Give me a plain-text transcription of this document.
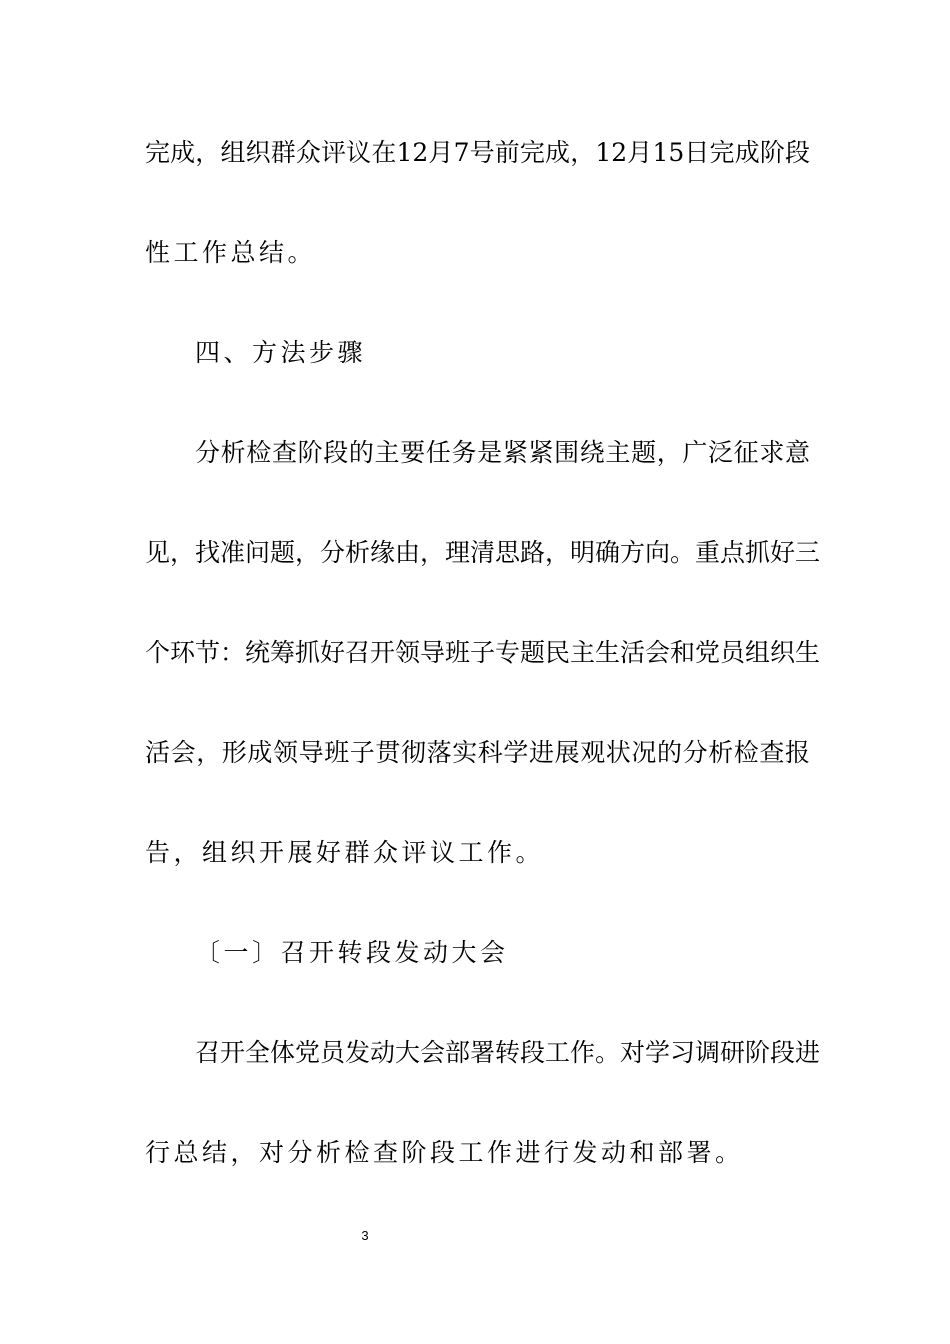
完成，组织群众评议在12月7号前完成，12月15日完成阶段
性工作总结。
四、方法步骤
分析检查阶段的主要任务是紧紧围绕主题，广泛征求意
见，找准问题，分析缘由，理清思路，明确方向。重点抓好三
个环节：统筹抓好召开领导班子专题民主生活会和党员组织生
活会，形成领导班子贯彻落实科学进展观状况的分析检查报
告，组织开展好群众评议工作。
〔一〕召开转段发动大会
召开全体党员发动大会部署转段工作。对学习调研阶段进
行总结，对分析检查阶段工作进行发动和部署。
3
